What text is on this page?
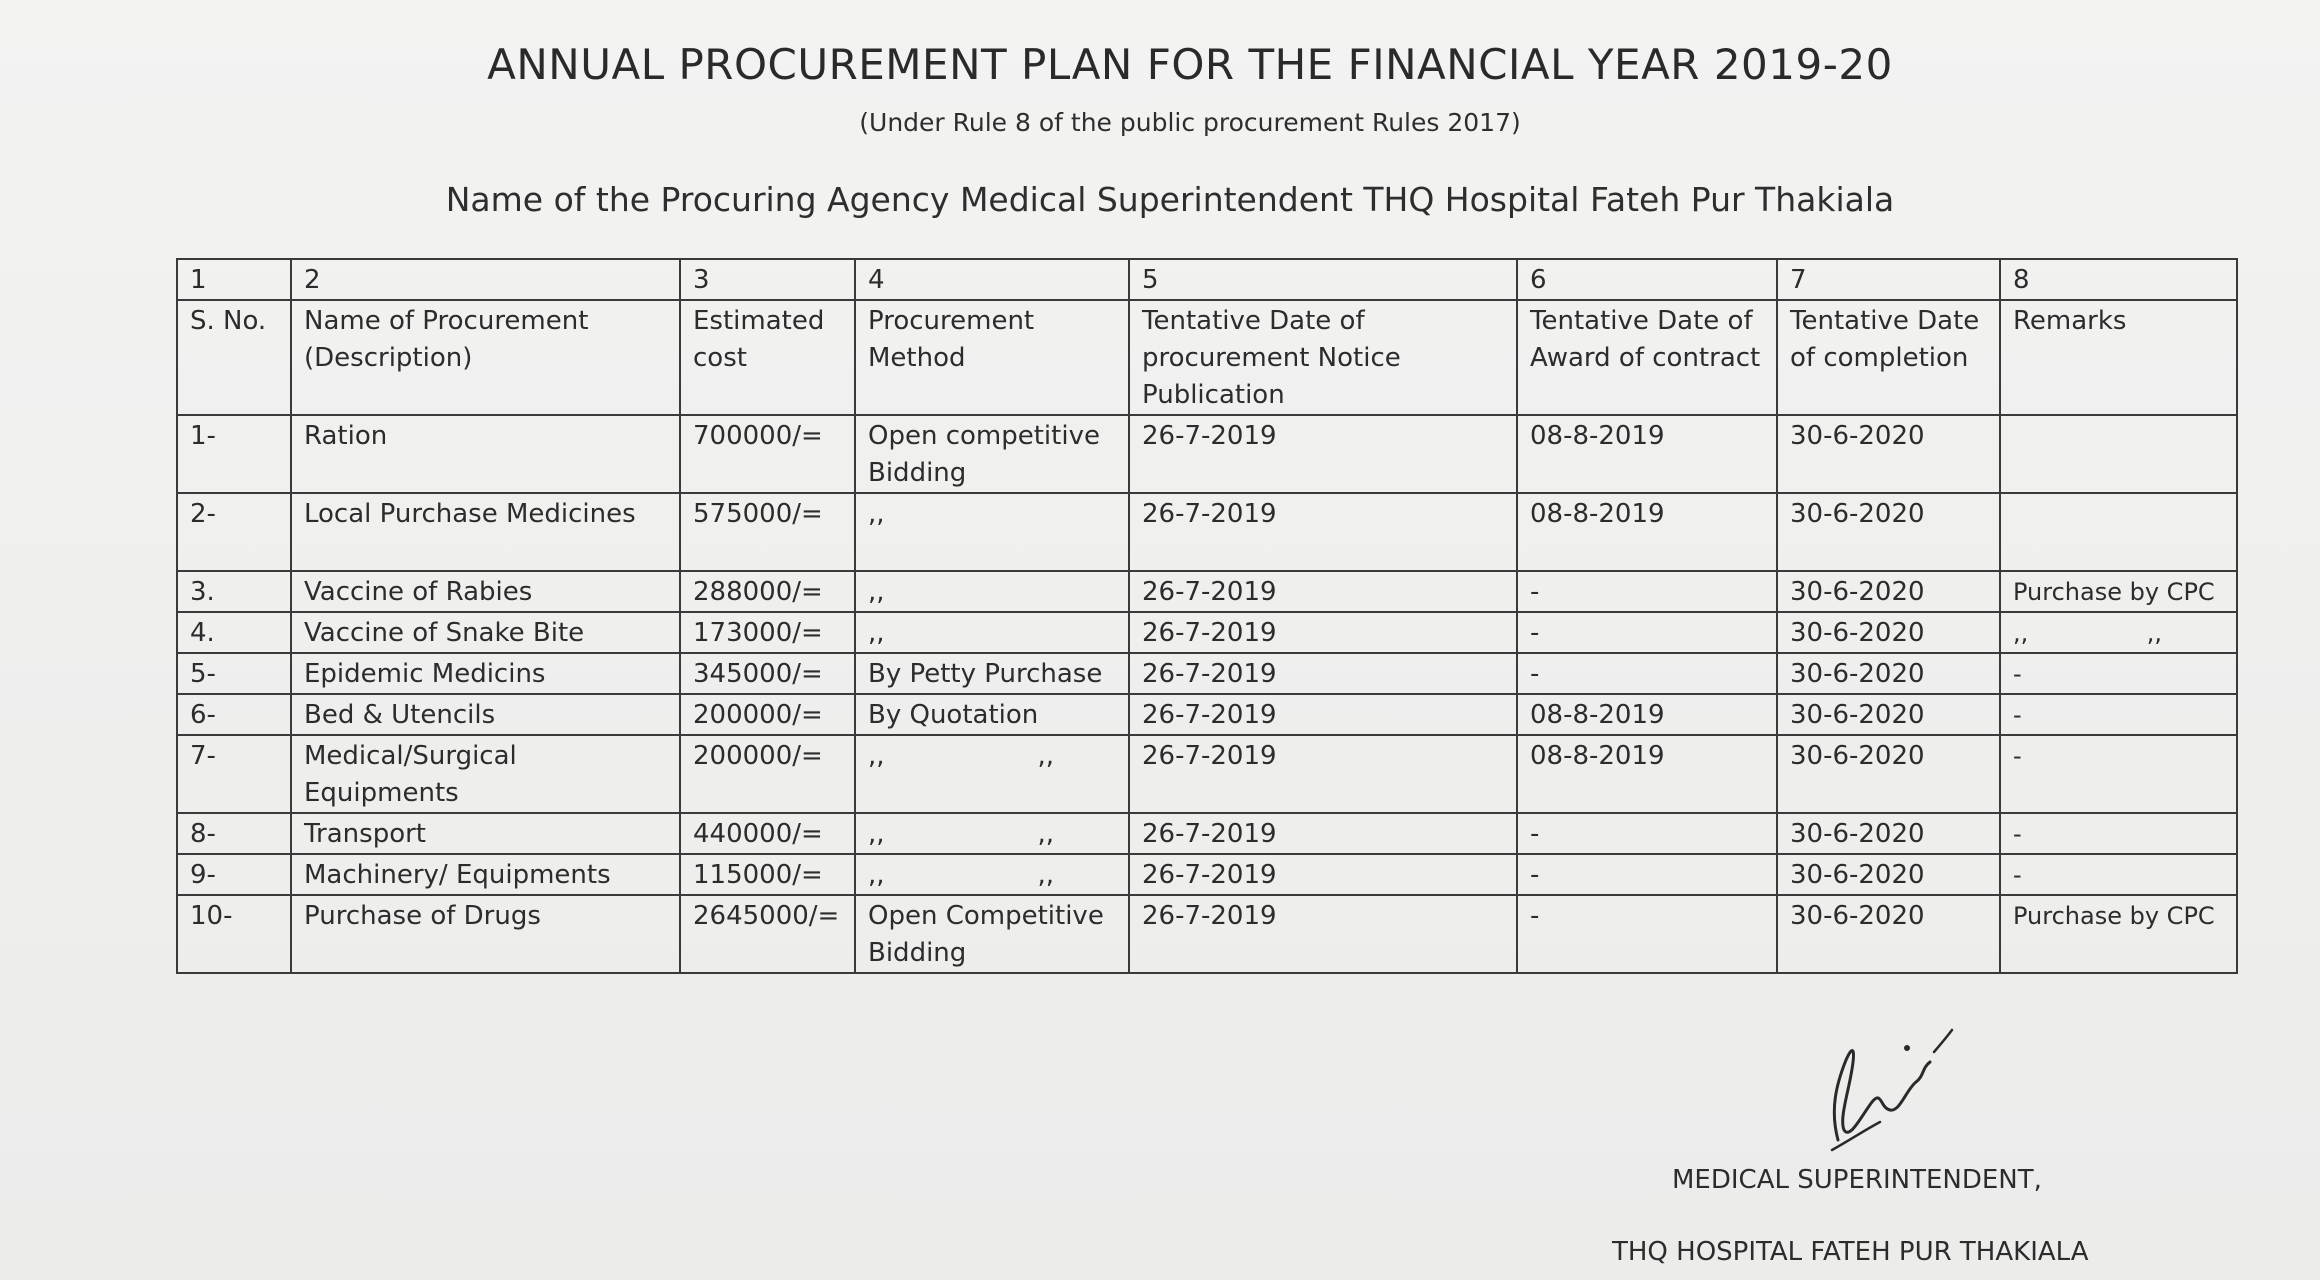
ANNUAL PROCUREMENT PLAN FOR THE FINANCIAL YEAR 2019-20
(Under Rule 8 of the public procurement Rules 2017)
Name of the Procuring Agency Medical Superintendent THQ Hospital Fateh Pur Thakiala
1	2	3	4	5	6	7	8
S. No.	Name of Procurement (Description)	Estimated cost	Procurement Method	Tentative Date of procurement Notice Publication	Tentative Date of Award of contract	Tentative Date of completion	Remarks
1-	Ration	700000/=	Open competitive Bidding	26-7-2019	08-8-2019	30-6-2020	
2-	Local Purchase Medicines	575000/=	,,	26-7-2019	08-8-2019	30-6-2020	
3.	Vaccine of Rabies	288000/=	,,	26-7-2019	-	30-6-2020	Purchase by CPC
4.	Vaccine of Snake Bite	173000/=	,,	26-7-2019	-	30-6-2020	,, ,,

5-	Epidemic Medicins	345000/=	By Petty Purchase	26-7-2019	-	30-6-2020	-
6-	Bed & Utencils	200000/=	By Quotation	26-7-2019	08-8-2019	30-6-2020	-
7-	Medical/Surgical Equipments	200000/=	,, ,,	26-7-2019	08-8-2019	30-6-2020	-
8-	Transport	440000/=	,, ,,	26-7-2019	-	30-6-2020	-
9-	Machinery/ Equipments	115000/=	,, ,,	26-7-2019	-	30-6-2020	-
10-	Purchase of Drugs	2645000/=	Open Competitive Bidding	26-7-2019	-	30-6-2020	Purchase by CPC
MEDICAL SUPERINTENDENT,
THQ HOSPITAL FATEH PUR THAKIALA
